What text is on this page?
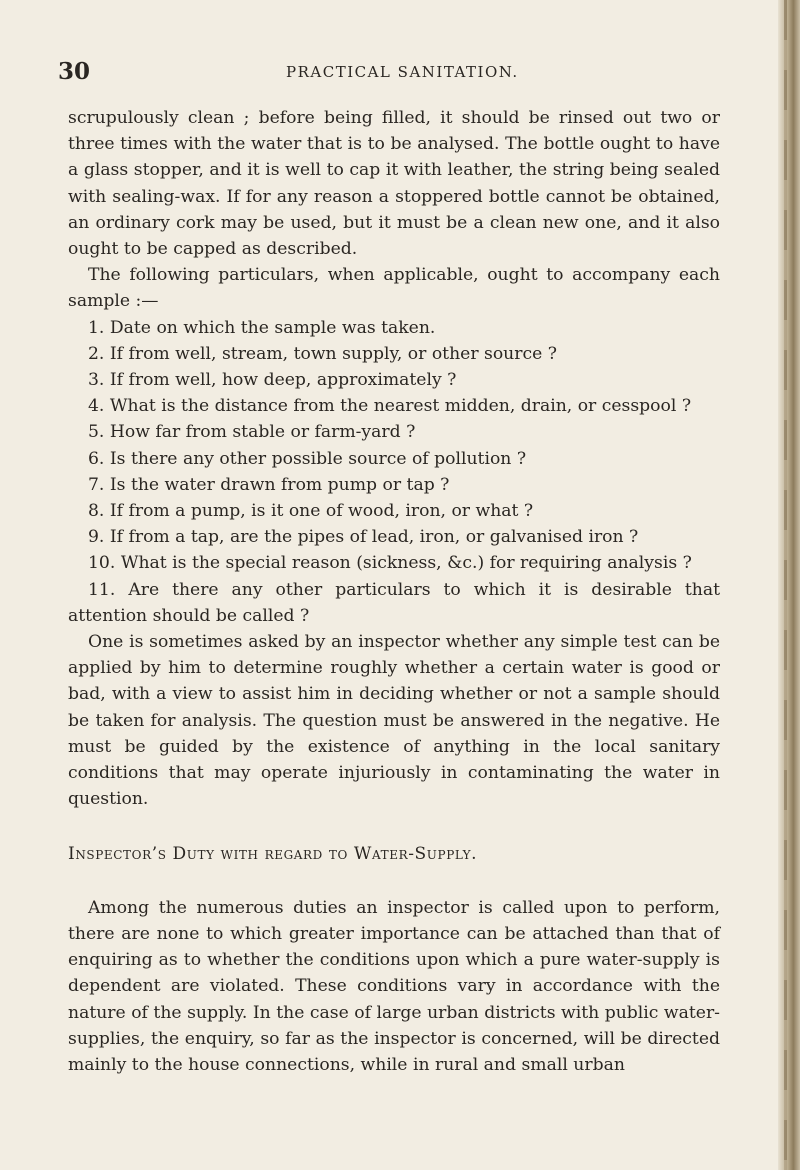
30	PRACTICAL SANITATION.

scrupulously clean ; before being filled, it should be rinsed out two or three times with the water that is to be analysed. The bottle ought to have a glass stopper, and it is well to cap it with leather, the string being sealed with sealing-wax. If for any reason a stoppered bottle cannot be obtained, an ordinary cork may be used, but it must be a clean new one, and it also ought to be capped as described.

The following particulars, when applicable, ought to accompany each sample :—

1. Date on which the sample was taken.

2. If from well, stream, town supply, or other source ?

3. If from well, how deep, approximately ?

4. What is the distance from the nearest midden, drain, or cesspool ?

5. How far from stable or farm-yard ?

6. Is there any other possible source of pollution ?

7. Is the water drawn from pump or tap ?

8. If from a pump, is it one of wood, iron, or what ?

9. If from a tap, are the pipes of lead, iron, or galvanised iron ?

10. What is the special reason (sickness, &c.) for requiring analysis ?

11. Are there any other particulars to which it is desirable that attention should be called ?

One is sometimes asked by an inspector whether any simple test can be applied by him to determine roughly whether a certain water is good or bad, with a view to assist him in deciding whether or not a sample should be taken for analysis. The question must be answered in the negative. He must be guided by the existence of anything in the local sanitary conditions that may operate injuriously in contaminating the water in question.

Inspector’s Duty with regard to Water-Supply.

Among the numerous duties an inspector is called upon to perform, there are none to which greater importance can be attached than that of enquiring as to whether the conditions upon which a pure water-supply is dependent are violated. These conditions vary in accordance with the nature of the supply. In the case of large urban districts with public water-supplies, the enquiry, so far as the inspector is concerned, will be directed mainly to the house connections, while in rural and small urban
